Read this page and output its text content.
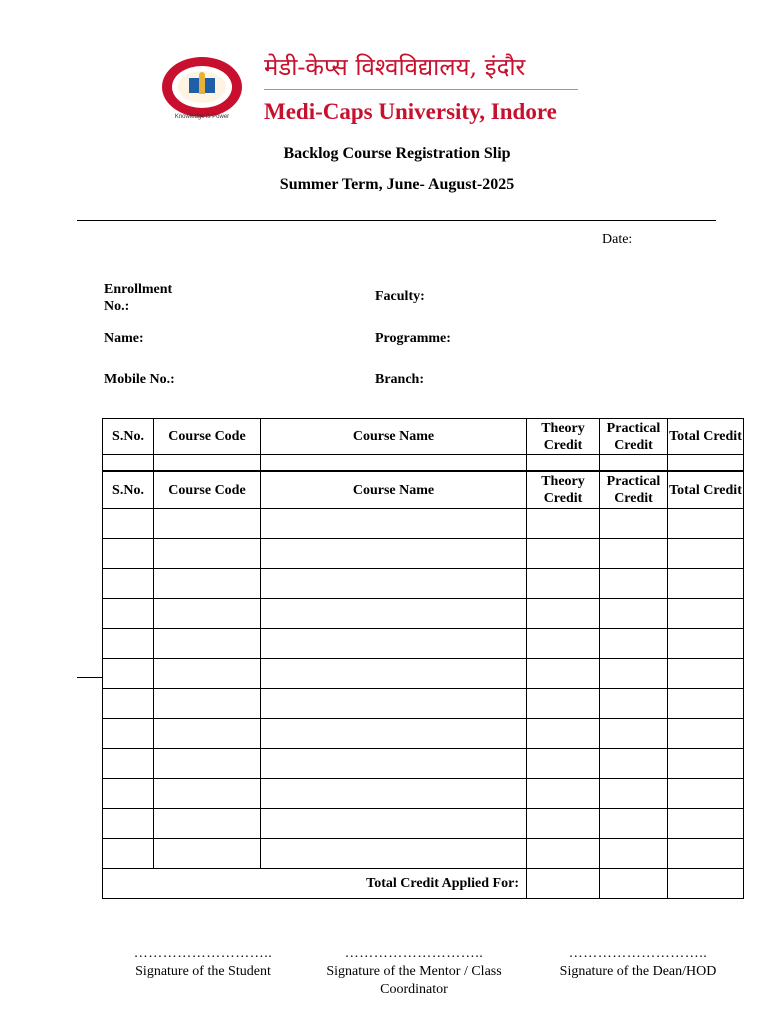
Knowledge is Power
मेडी-केप्स विश्वविद्यालय, इंदौर
Medi-Caps University, Indore
Backlog Course Registration Slip
Summer Term, June- August-2025
Date:
Enrollment No.:
Faculty:
Name:	Programme:
Mobile No.:	Branch:
S.No.	Course Code	Course Name	Theory Credit	Practical Credit	Total Credit

S.No.	Course Code	Course Name	Theory Credit	Practical Credit	Total Credit

Total Credit Applied For:					
………………………..
Signature of the Student
………………………..
Signature of the Mentor / Class Coordinator
………………………..
Signature of the Dean/HOD
